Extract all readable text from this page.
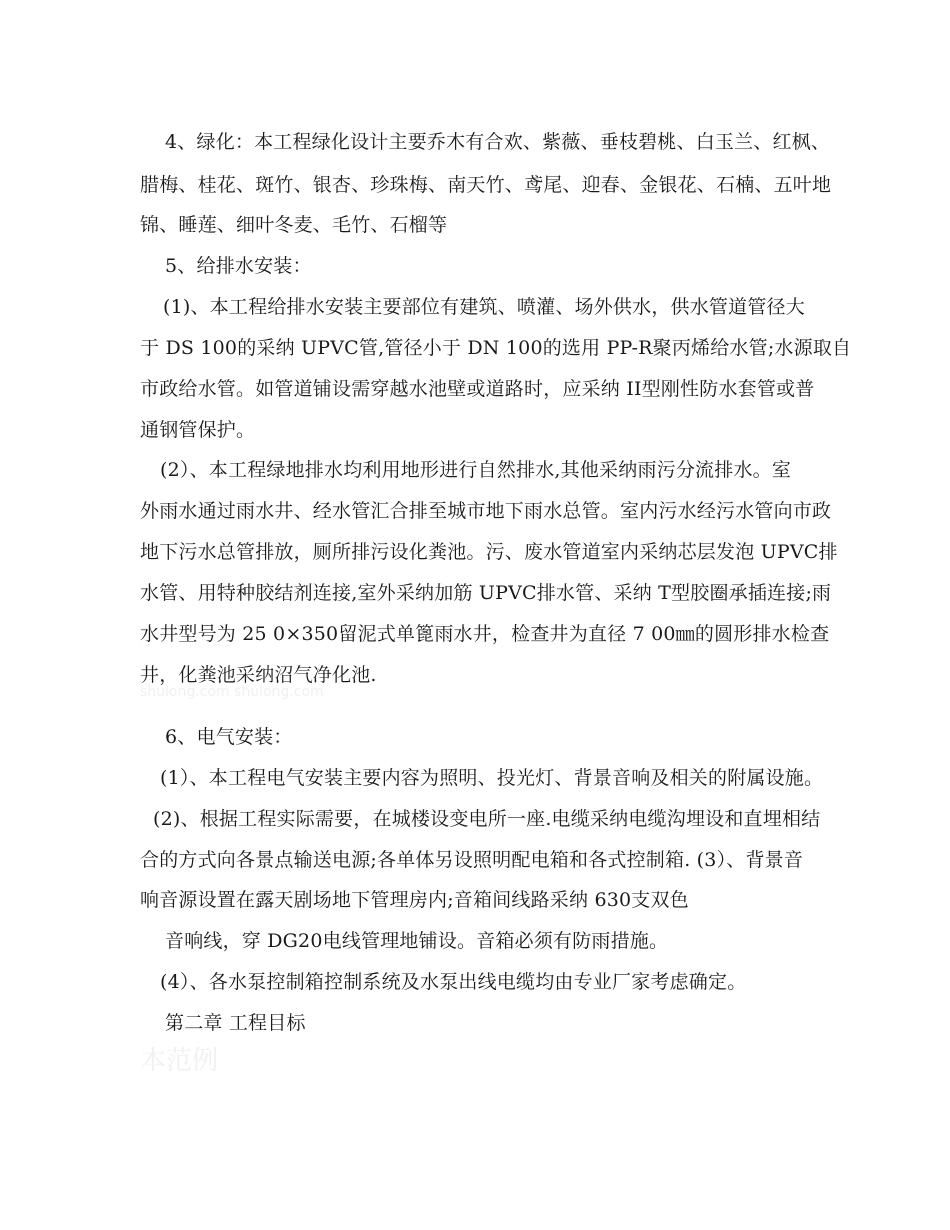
4、绿化：本工程绿化设计主要乔木有合欢、紫薇、垂枝碧桃、白玉兰、红枫、
腊梅、桂花、斑竹、银杏、珍珠梅、南天竹、鸢尾、迎春、金银花、石楠、五叶地
锦、睡莲、细叶冬麦、毛竹、石榴等
5、给排水安装：
(1)、本工程给排水安装主要部位有建筑、喷灌、场外供水，供水管道管径大
于 DS 100的采纳 UPVC管,管径小于 DN 100的选用 PP-R聚丙烯给水管;水源取自
市政给水管。如管道铺设需穿越水池壁或道路时，应采纳 II型刚性防水套管或普
通钢管保护。
(2）、本工程绿地排水均利用地形进行自然排水,其他采纳雨污分流排水。室
外雨水通过雨水井、经水管汇合排至城市地下雨水总管。室内污水经污水管向市政
地下污水总管排放，厕所排污设化粪池。污、废水管道室内采纳芯层发泡 UPVC排
水管、用特种胶结剂连接,室外采纳加筋 UPVC排水管、采纳 T型胶圈承插连接;雨
水井型号为 25 0×350留泥式单篦雨水井，检查井为直径 7 00㎜的圆形排水检查
井，化粪池采纳沼气净化池.
shulong.com shulong.com
6、电气安装：
(1）、本工程电气安装主要内容为照明、投光灯、背景音响及相关的附属设施。
(2)、根据工程实际需要，在城楼设变电所一座.电缆采纳电缆沟埋设和直埋相结
合的方式向各景点输送电源;各单体另设照明配电箱和各式控制箱. (3）、背景音
响音源设置在露天剧场地下管理房内;音箱间线路采纳 630支双色
音响线，穿 DG20电线管理地铺设。音箱必须有防雨措施。
(4）、各水泵控制箱控制系统及水泵出线电缆均由专业厂家考虑确定。
第二章 工程目标
本范例
